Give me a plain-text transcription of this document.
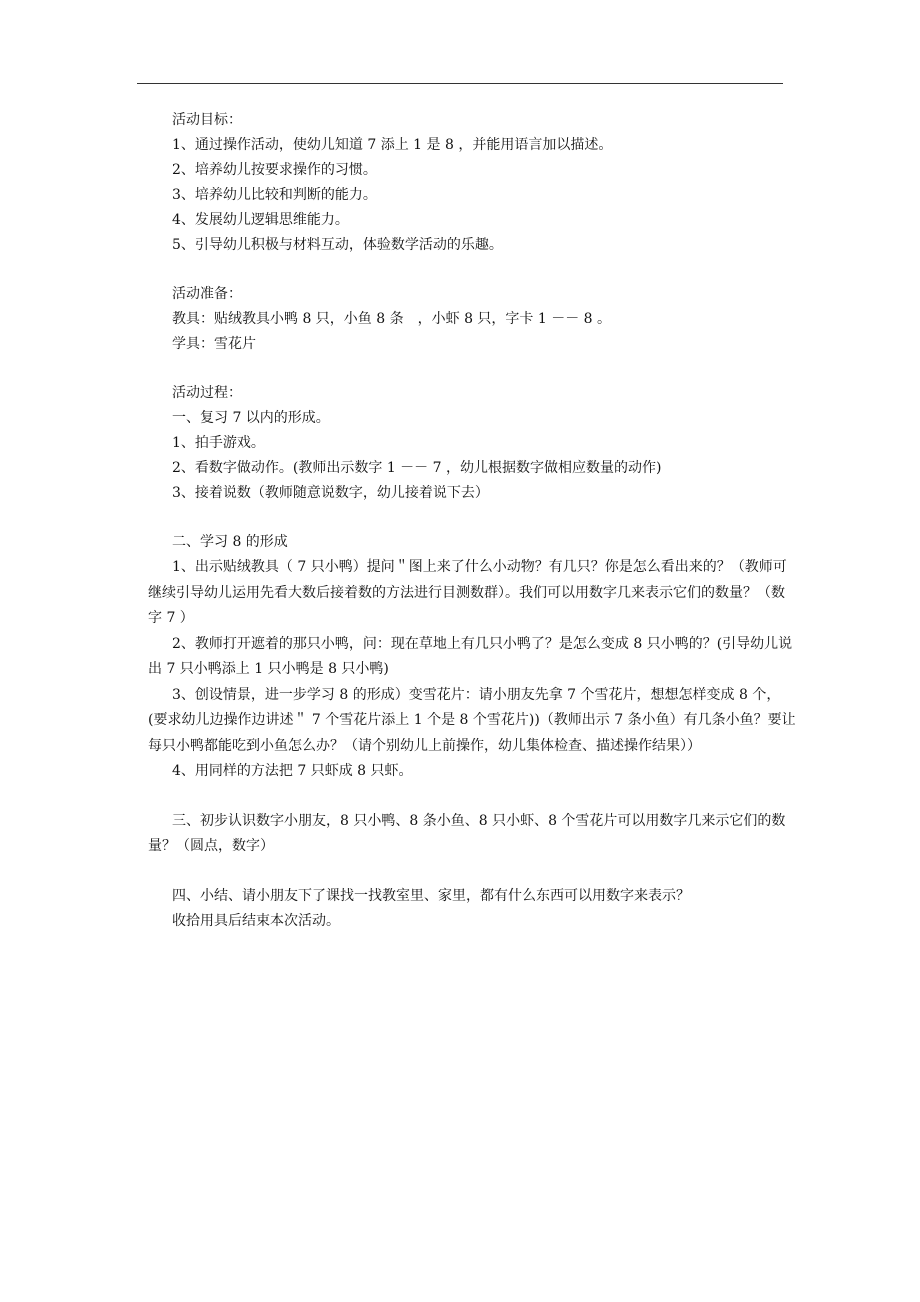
活动目标：
1、通过操作活动，使幼儿知道 7 添上 1 是 8 ，并能用语言加以描述。
2、培养幼儿按要求操作的习惯。
3、培养幼儿比较和判断的能力。
4、发展幼儿逻辑思维能力。
5、引导幼儿积极与材料互动，体验数学活动的乐趣。
活动准备：
教具：贴绒教具小鸭 8 只，小鱼 8 条　，小虾 8 只，字卡 1 －－ 8 。
学具：雪花片
活动过程：
一、复习 7 以内的形成。
1、拍手游戏。
2、看数字做动作。(教师出示数字 1 －－ 7 ，幼儿根据数字做相应数量的动作)
3、接着说数（教师随意说数字，幼儿接着说下去）
二、学习 8 的形成
1、出示贴绒教具（ 7 只小鸭）提问＂图上来了什么小动物？有几只？你是怎么看出来的？（教师可继续引导幼儿运用先看大数后接着数的方法进行目测数群）。我们可以用数字几来表示它们的数量？（数字 7 ）
2、教师打开遮着的那只小鸭，问：现在草地上有几只小鸭了？是怎么变成 8 只小鸭的？(引导幼儿说出 7 只小鸭添上 1 只小鸭是 8 只小鸭)
3、创设情景，进一步学习 8 的形成）变雪花片：请小朋友先拿 7 个雪花片，想想怎样变成 8 个，(要求幼儿边操作边讲述＂ 7 个雪花片添上 1 个是 8 个雪花片))（教师出示 7 条小鱼）有几条小鱼？要让每只小鸭都能吃到小鱼怎么办？（请个别幼儿上前操作，幼儿集体检查、描述操作结果））
4、用同样的方法把 7 只虾成 8 只虾。
三、初步认识数字小朋友，8 只小鸭、8 条小鱼、8 只小虾、8 个雪花片可以用数字几来示它们的数量？（圆点，数字）
四、小结、请小朋友下了课找一找教室里、家里，都有什么东西可以用数字来表示？
收拾用具后结束本次活动。
